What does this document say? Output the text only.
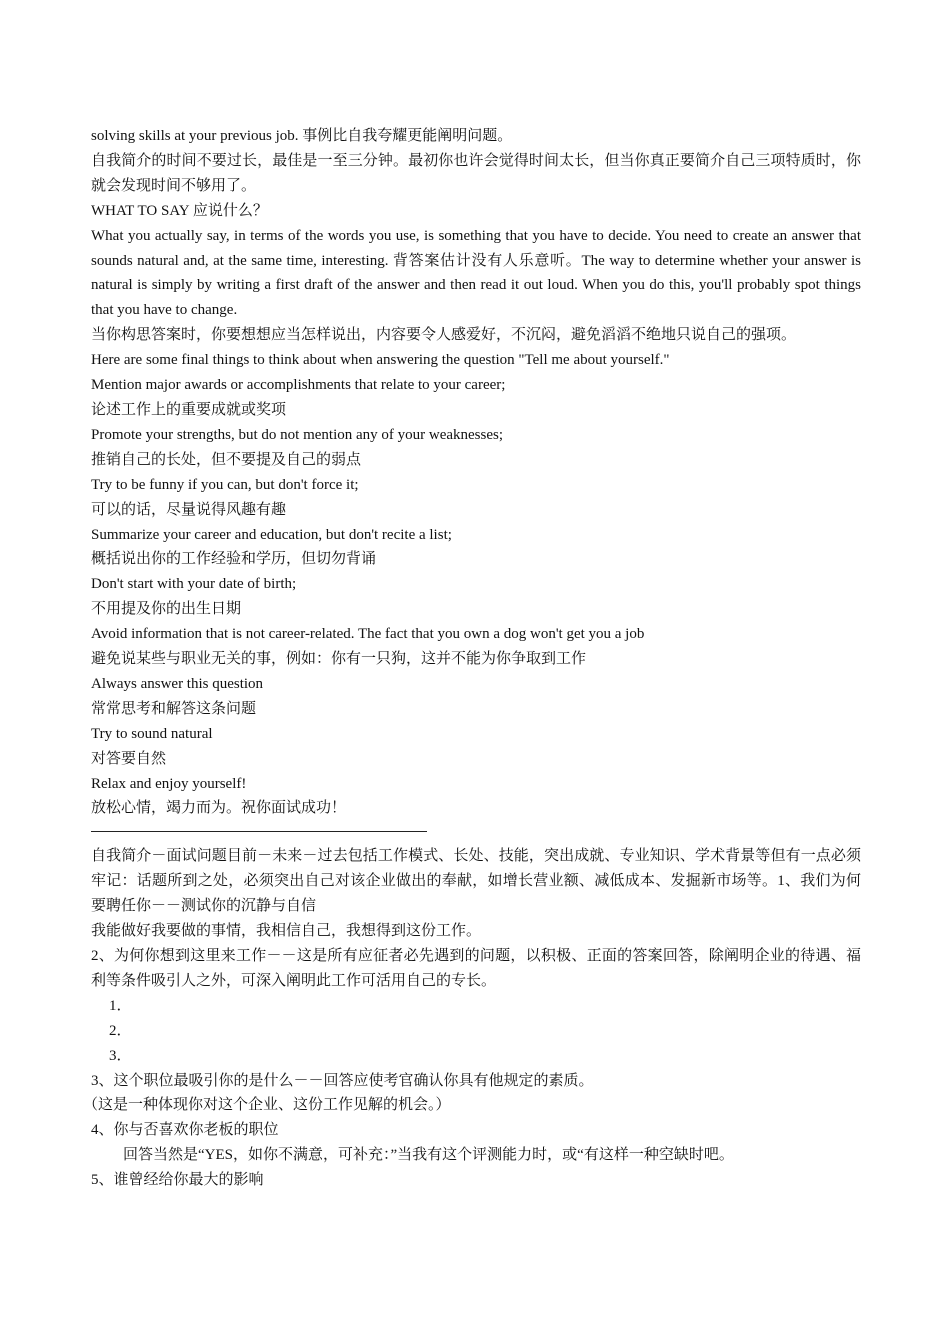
solving skills at your previous job. 事例比自我夸耀更能阐明问题。

自我简介的时间不要过长，最佳是一至三分钟。最初你也许会觉得时间太长，但当你真正要简介自己三项特质时，你就会发现时间不够用了。

WHAT TO SAY 应说什么？

What you actually say, in terms of the words you use, is something that you have to decide. You need to create an answer that sounds natural and, at the same time, interesting. 背答案估计没有人乐意听。The way to determine whether your answer is natural is simply by writing a first draft of the answer and then read it out loud. When you do this, you'll probably spot things that you have to change.

当你构思答案时，你要想想应当怎样说出，内容要令人感爱好，不沉闷，避免滔滔不绝地只说自己的强项。

Here are some final things to think about when answering the question "Tell me about yourself."

Mention major awards or accomplishments that relate to your career;

论述工作上的重要成就或奖项

Promote your strengths, but do not mention any of your weaknesses;

推销自己的长处，但不要提及自己的弱点

Try to be funny if you can, but don't force it;

可以的话，尽量说得风趣有趣

Summarize your career and education, but don't recite a list;

概括说出你的工作经验和学历，但切勿背诵

Don't start with your date of birth;

不用提及你的出生日期

Avoid information that is not career-related. The fact that you own a dog won't get you a job

避免说某些与职业无关的事，例如：你有一只狗，这并不能为你争取到工作

Always answer this question

常常思考和解答这条问题

Try to sound natural

对答要自然

Relax and enjoy yourself!

放松心情，竭力而为。祝你面试成功！

自我简介－面试问题目前－未来－过去包括工作模式、长处、技能，突出成就、专业知识、学术背景等但有一点必须牢记：话题所到之处，必须突出自己对该企业做出的奉献，如增长营业额、减低成本、发掘新市场等。1、我们为何要聘任你－－测试你的沉静与自信

我能做好我要做的事情，我相信自己，我想得到这份工作。

2、为何你想到这里来工作－－这是所有应征者必先遇到的问题，以积极、正面的答案回答，除阐明企业的待遇、福利等条件吸引人之外，可深入阐明此工作可活用自己的专长。

1．

2．

3．

3、这个职位最吸引你的是什么－－回答应使考官确认你具有他规定的素质。

（这是一种体现你对这个企业、这份工作见解的机会。）

4、你与否喜欢你老板的职位

回答当然是“YES，如你不满意，可补充：”当我有这个评测能力时，或“有这样一种空缺时吧。

5、谁曾经给你最大的影响
